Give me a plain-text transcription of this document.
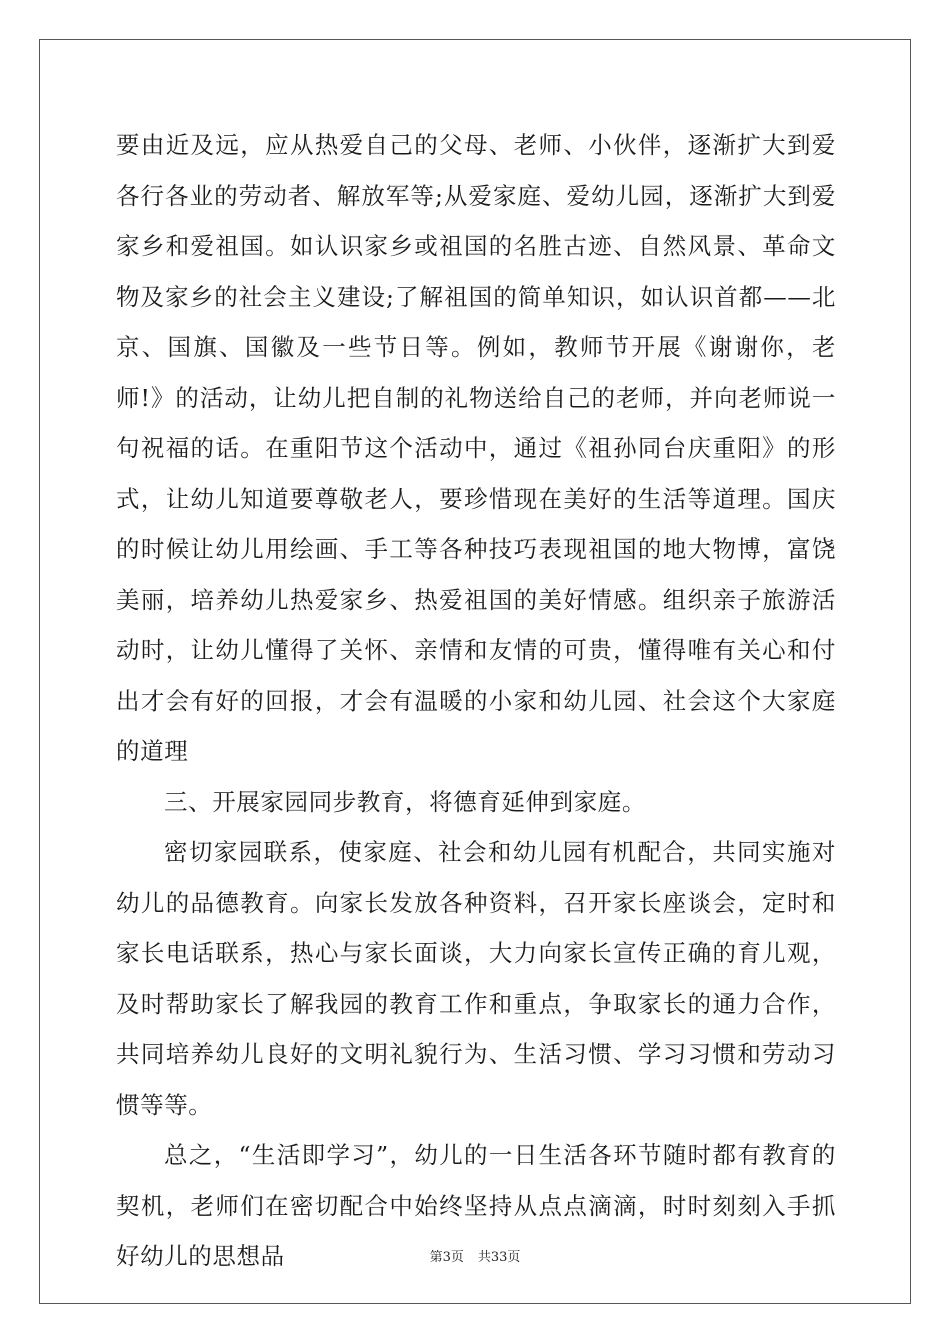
要由近及远，应从热爱自己的父母、老师、小伙伴，逐渐扩大到爱各行各业的劳动者、解放军等;从爱家庭、爱幼儿园，逐渐扩大到爱家乡和爱祖国。如认识家乡或祖国的名胜古迹、自然风景、革命文物及家乡的社会主义建设;了解祖国的简单知识，如认识首都——北京、国旗、国徽及一些节日等。例如，教师节开展《谢谢你，老师!》的活动，让幼儿把自制的礼物送给自己的老师，并向老师说一句祝福的话。在重阳节这个活动中，通过《祖孙同台庆重阳》的形式，让幼儿知道要尊敬老人，要珍惜现在美好的生活等道理。国庆的时候让幼儿用绘画、手工等各种技巧表现祖国的地大物博，富饶美丽，培养幼儿热爱家乡、热爱祖国的美好情感。组织亲子旅游活动时，让幼儿懂得了关怀、亲情和友情的可贵，懂得唯有关心和付出才会有好的回报，才会有温暖的小家和幼儿园、社会这个大家庭的道理

三、开展家园同步教育，将德育延伸到家庭。

密切家园联系，使家庭、社会和幼儿园有机配合，共同实施对幼儿的品德教育。向家长发放各种资料，召开家长座谈会，定时和家长电话联系，热心与家长面谈，大力向家长宣传正确的育儿观，及时帮助家长了解我园的教育工作和重点，争取家长的通力合作，共同培养幼儿良好的文明礼貌行为、生活习惯、学习习惯和劳动习惯等等。

总之，“生活即学习”，幼儿的一日生活各环节随时都有教育的契机，老师们在密切配合中始终坚持从点点滴滴，时时刻刻入手抓好幼儿的思想品	第3页 共33页
